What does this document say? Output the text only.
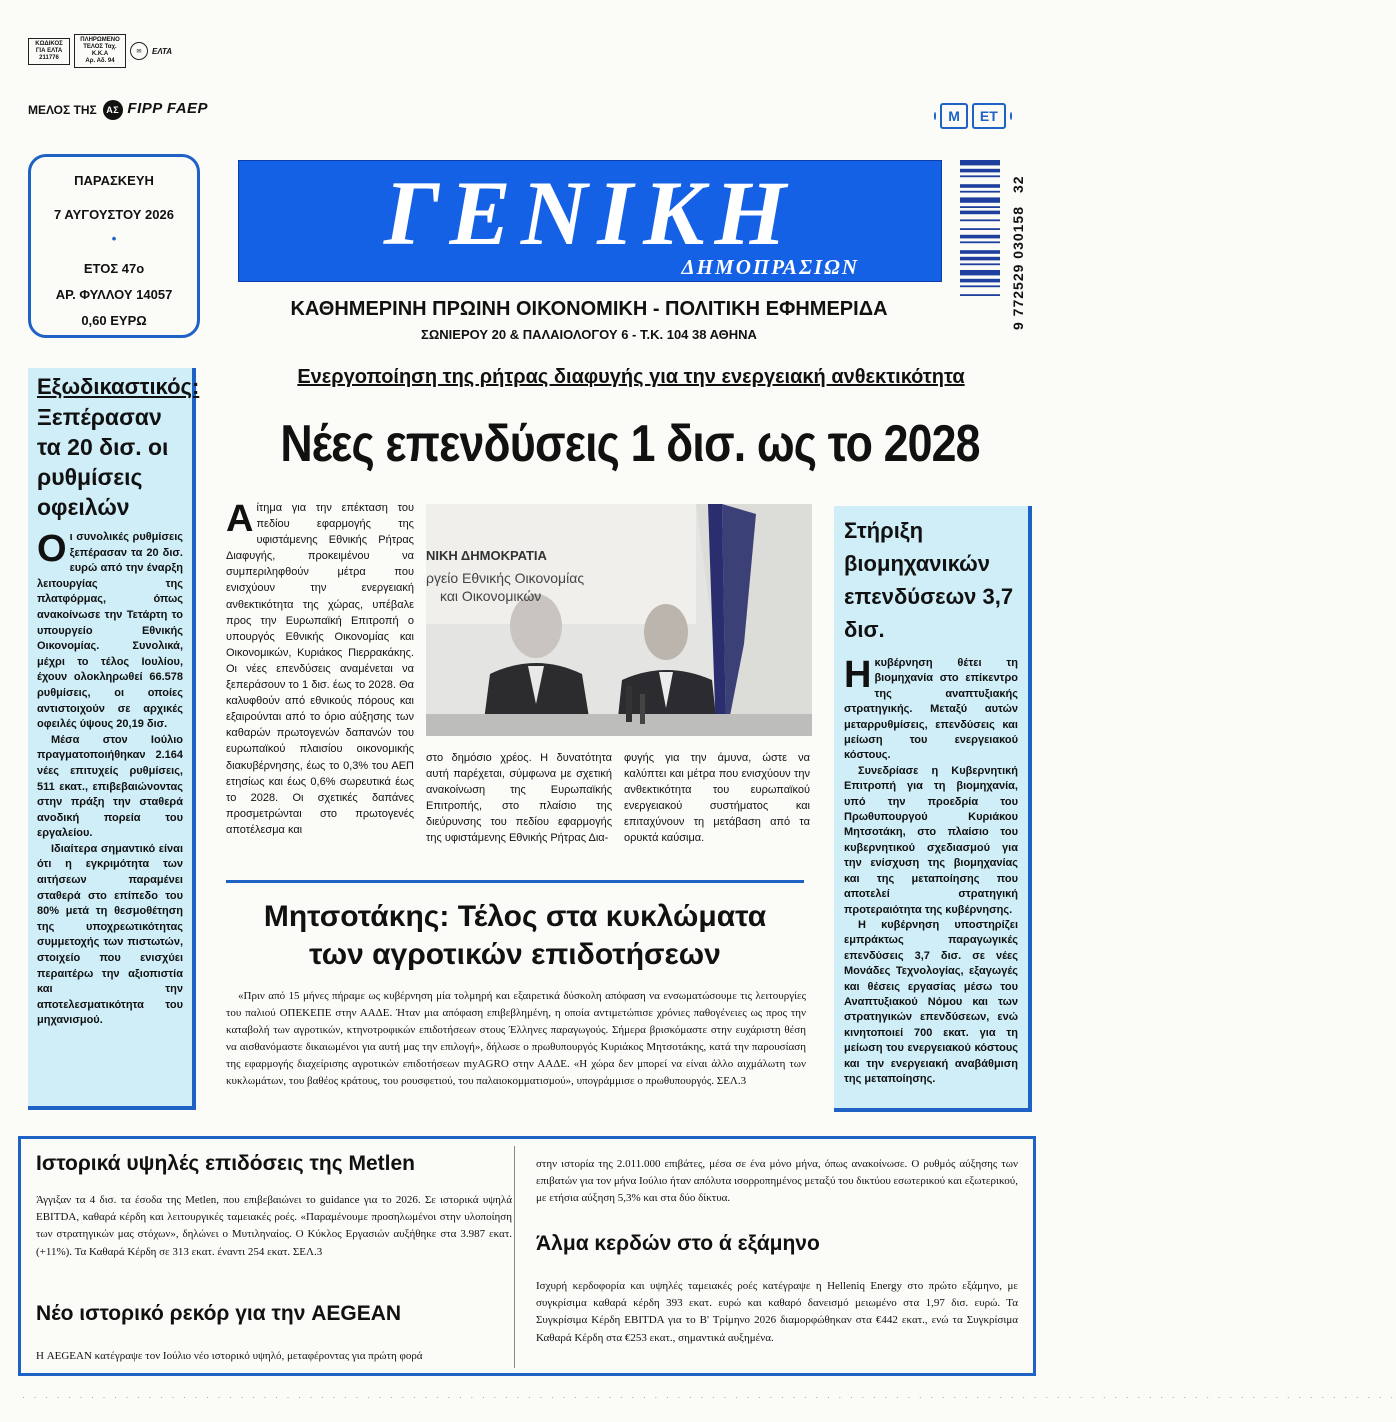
ΚΩΔΙΚΟΣ ΓΙΑ ΕΛΤΑ 211776
ΠΛΗΡΩΜΕΝΟ ΤΕΛΟΣ Ταχ. Κ.Κ.Α
Αρ. Αδ. 94
✉	ΕΛΤΑ
ΜΕΛΟΣ ΤΗΣ	ΑΣ FIPP FAEP
ΠΑΡΑΣΚΕΥΗ
7 ΑΥΓΟΥΣΤΟΥ 2026
•
ΕΤΟΣ 47ο
ΑΡ. ΦΥΛΛΟΥ 14057
0,60 ΕΥΡΩ
ΓΕΝΙΚΗ
ΔΗΜΟΠΡΑΣΙΩΝ
ΚΑΘΗΜΕΡΙΝΗ ΠΡΩΙΝΗ ΟΙΚΟΝΟΜΙΚΗ - ΠΟΛΙΤΙΚΗ ΕΦΗΜΕΡΙΔΑ
ΣΩΝΙΕΡΟΥ 20 & ΠΑΛΑΙΟΛΟΓΟΥ 6 - Τ.Κ. 104 38 ΑΘΗΝΑ
Μ	ΕΤ
9 772529 030158 32
Εξωδικαστικός:
Ξεπέρασαν τα 20 δισ. οι ρυθμίσεις οφειλών

Οι συνολικές ρυθμίσεις ξεπέρασαν τα 20 δισ. ευρώ από την έναρξη λειτουργίας της πλατφόρμας, όπως ανακοίνωσε την Τετάρτη το υπουργείο Εθνικής Οικονομίας. Συνολικά, μέχρι το τέλος Ιουλίου, έχουν ολοκληρωθεί 66.578 ρυθμίσεις, οι οποίες αντιστοιχούν σε αρχικές οφειλές ύψους 20,19 δισ.

Μέσα στον Ιούλιο πραγματοποιήθηκαν 2.164 νέες επιτυχείς ρυθμίσεις, 511 εκατ., επιβεβαιώνοντας στην πράξη την σταθερά ανοδική πορεία του εργαλείου.

Ιδιαίτερα σημαντικό είναι ότι η εγκριμότητα των αιτήσεων παραμένει σταθερά στο επίπεδο του 80% μετά τη θεσμοθέτηση της υποχρεωτικότητας συμμετοχής των πιστωτών, στοιχείο που ενισχύει περαιτέρω την αξιοπιστία και την αποτελεσματικότητα του μηχανισμού.

Ενεργοποίηση της ρήτρας διαφυγής για την ενεργειακή ανθεκτικότητα
Νέες επενδύσεις 1 δισ. ως το 2028
Αίτημα για την επέκταση του πεδίου εφαρμογής της υφιστάμενης Εθνικής Ρήτρας Διαφυγής, προκειμένου να συμπεριληφθούν μέτρα που ενισχύουν την ενεργειακή ανθεκτικότητα της χώρας, υπέβαλε προς την Ευρωπαϊκή Επιτροπή ο υπουργός Εθνικής Οικονομίας και Οικονομικών, Κυριάκος Πιερρακάκης. Οι νέες επενδύσεις αναμένεται να ξεπεράσουν το 1 δισ. έως το 2028. Θα καλυφθούν από εθνικούς πόρους και εξαιρούνται από το όριο αύξησης των καθαρών πρωτογενών δαπανών του ευρωπαϊκού πλαισίου οικονομικής διακυβέρνησης, έως το 0,3% του ΑΕΠ ετησίως και έως 0,6% σωρευτικά έως το 2028. Οι σχετικές δαπάνες προσμετρώνται στο πρωτογενές αποτέλεσμα και
ΝΙΚΗ ΔΗΜΟΚΡΑΤΙΑ
ργείο Εθνικής Οικονομίας
και Οικονομικών
στο δημόσιο χρέος. Η δυνατότητα αυτή παρέχεται, σύμφωνα με σχετική ανακοίνωση της Ευρωπαϊκής Επιτροπής, στο πλαίσιο της διεύρυνσης του πεδίου εφαρμογής της υφιστάμενης Εθνικής Ρήτρας Δια-
φυγής για την άμυνα, ώστε να καλύπτει και μέτρα που ενισχύουν την ανθεκτικότητα του ευρωπαϊκού ενεργειακού συστήματος και επιταχύνουν τη μετάβαση από τα ορυκτά καύσιμα.
Στήριξη βιομηχανικών επενδύσεων 3,7 δισ.

Η κυβέρνηση θέτει τη βιομηχανία στο επίκεντρο της αναπτυξιακής στρατηγικής. Μεταξύ αυτών μεταρρυθμίσεις, επενδύσεις και μείωση του ενεργειακού κόστους.

Συνεδρίασε η Κυβερνητική Επιτροπή για τη βιομηχανία, υπό την προεδρία του Πρωθυπουργού Κυριάκου Μητσοτάκη, στο πλαίσιο του κυβερνητικού σχεδιασμού για την ενίσχυση της βιομηχανίας και της μεταποίησης που αποτελεί στρατηγική προτεραιότητα της κυβέρνησης.

Η κυβέρνηση υποστηρίζει εμπράκτως παραγωγικές επενδύσεις 3,7 δισ. σε νέες Μονάδες Τεχνολογίας, εξαγωγές και θέσεις εργασίας μέσω του Αναπτυξιακού Νόμου και των στρατηγικών επενδύσεων, ενώ κινητοποιεί 700 εκατ. για τη μείωση του ενεργειακού κόστους και την ενεργειακή αναβάθμιση της μεταποίησης.

Μητσοτάκης: Τέλος στα κυκλώματα
των αγροτικών επιδοτήσεων

«Πριν από 15 μήνες πήραμε ως κυβέρνηση μία τολμηρή και εξαιρετικά δύσκολη απόφαση να ενσωματώσουμε τις λειτουργίες του παλιού ΟΠΕΚΕΠΕ στην ΑΑΔΕ. Ήταν μια απόφαση επιβεβλημένη, η οποία αντιμετώπισε χρόνιες παθογένειες ως προς την καταβολή των αγροτικών, κτηνοτροφικών επιδοτήσεων στους Έλληνες παραγωγούς. Σήμερα βρισκόμαστε στην ευχάριστη θέση να αισθανόμαστε δικαιωμένοι για αυτή μας την επιλογή», δήλωσε ο πρωθυπουργός Κυριάκος Μητσοτάκης, κατά την παρουσίαση της εφαρμογής διαχείρισης αγροτικών επιδοτήσεων myAGRO στην ΑΑΔΕ. «Η χώρα δεν μπορεί να είναι άλλο αιχμάλωτη των κυκλωμάτων, του βαθέος κράτους, του ρουσφετιού, του παλαιοκομματισμού», υπογράμμισε ο πρωθυπουργός. ΣΕΛ.3

Ιστορικά υψηλές επιδόσεις της Metlen
Άγγιξαν τα 4 δισ. τα έσοδα της Metlen, που επιβεβαιώνει το guidance για το 2026. Σε ιστορικά υψηλά EBITDA, καθαρά κέρδη και λειτουργικές ταμειακές ροές. «Παραμένουμε προσηλωμένοι στην υλοποίηση των στρατηγικών μας στόχων», δηλώνει ο Μυτιληναίος. Ο Κύκλος Εργασιών αυξήθηκε στα 3.987 εκατ. (+11%). Τα Καθαρά Κέρδη σε 313 εκατ. έναντι 254 εκατ. ΣΕΛ.3
Νέο ιστορικό ρεκόρ για την AEGEAN
Η AEGEAN κατέγραψε τον Ιούλιο νέο ιστορικό υψηλό, μεταφέροντας για πρώτη φορά
στην ιστορία της 2.011.000 επιβάτες, μέσα σε ένα μόνο μήνα, όπως ανακοίνωσε. Ο ρυθμός αύξησης των επιβατών για τον μήνα Ιούλιο ήταν απόλυτα ισορροπημένος μεταξύ του δικτύου εσωτερικού και εξωτερικού, με ετήσια αύξηση 5,3% και στα δύο δίκτυα.
Άλμα κερδών στο ά εξάμηνο
Ισχυρή κερδοφορία και υψηλές ταμειακές ροές κατέγραψε η Helleniq Energy στο πρώτο εξάμηνο, με συγκρίσιμα καθαρά κέρδη 393 εκατ. ευρώ και καθαρό δανεισμό μειωμένο στα 1,97 δισ. ευρώ. Τα Συγκρίσιμα Κέρδη EBITDA για το Β' Τρίμηνο 2026 διαμορφώθηκαν στα €442 εκατ., ενώ τα Συγκρίσιμα Καθαρά Κέρδη στα €253 εκατ., σημαντικά αυξημένα.
· · · · · · · · · · · · · · · · · · · · · · · · · · · · · · · · · · · · · · · · · · · · · · · · · · · · · · · · · · · · · · · · · · · · · · · · · · · · · · · · · · · · · · · · · · · · · · · · · · · · · · · · · · · · · · · · · · · · · · · ·
